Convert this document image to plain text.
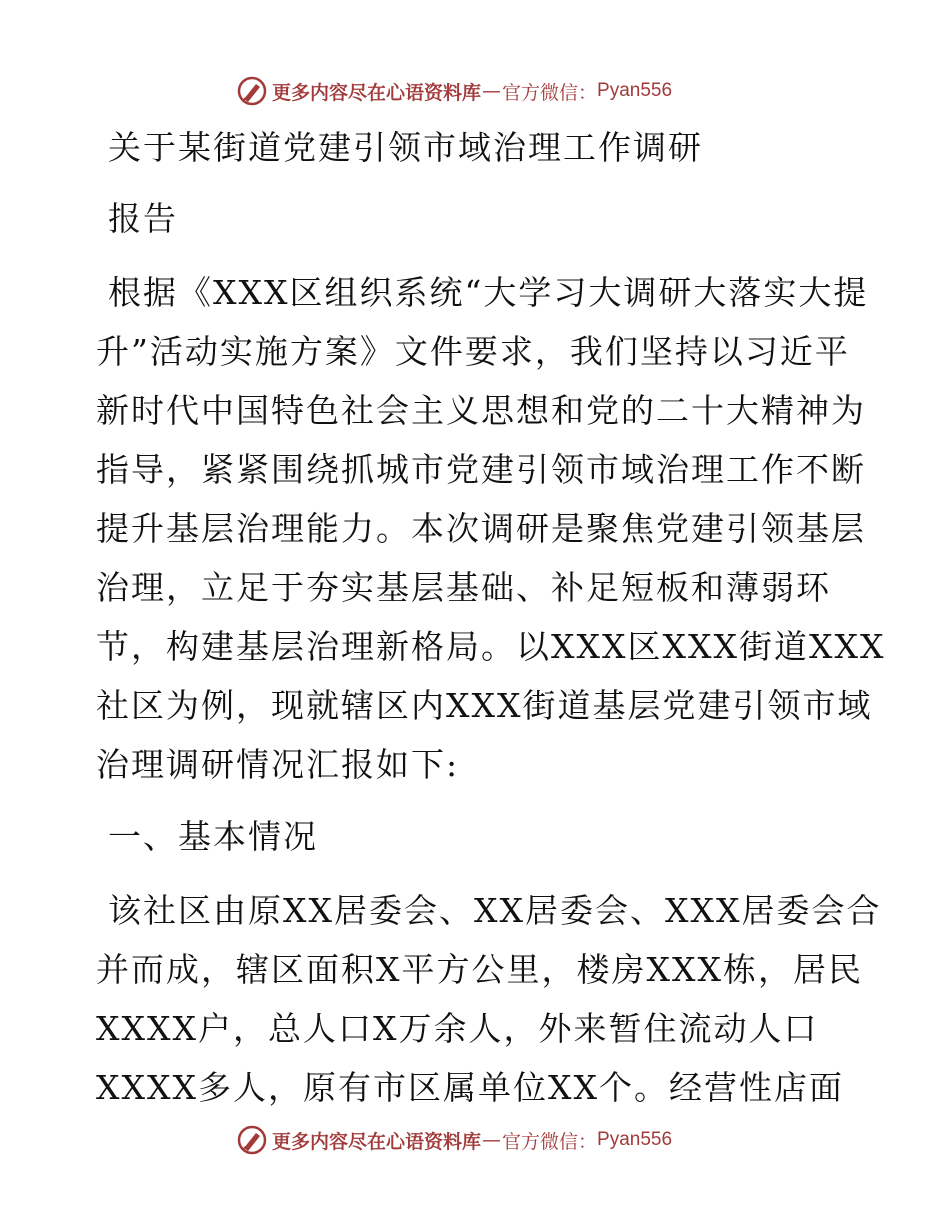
更多内容尽在心语资料库 — 官方微信： Pyan556
关于某街道党建引领市域治理工作调研
报告
根据《XXX区组织系统“大学习大调研大落实大提
升”活动实施方案》文件要求，我们坚持以习近平
新时代中国特色社会主义思想和党的二十大精神为
指导，紧紧围绕抓城市党建引领市域治理工作不断
提升基层治理能力。本次调研是聚焦党建引领基层
治理，立足于夯实基层基础、补足短板和薄弱环
节，构建基层治理新格局。以XXX区XXX街道XXX
社区为例，现就辖区内XXX街道基层党建引领市域
治理调研情况汇报如下:
一、基本情况
该社区由原XX居委会、XX居委会、XXX居委会合
并而成，辖区面积X平方公里，楼房XXX栋，居民
XXXX户，总人口X万余人，外来暂住流动人口
XXXX多人，原有市区属单位XX个。经营性店面
更多内容尽在心语资料库 — 官方微信： Pyan556
